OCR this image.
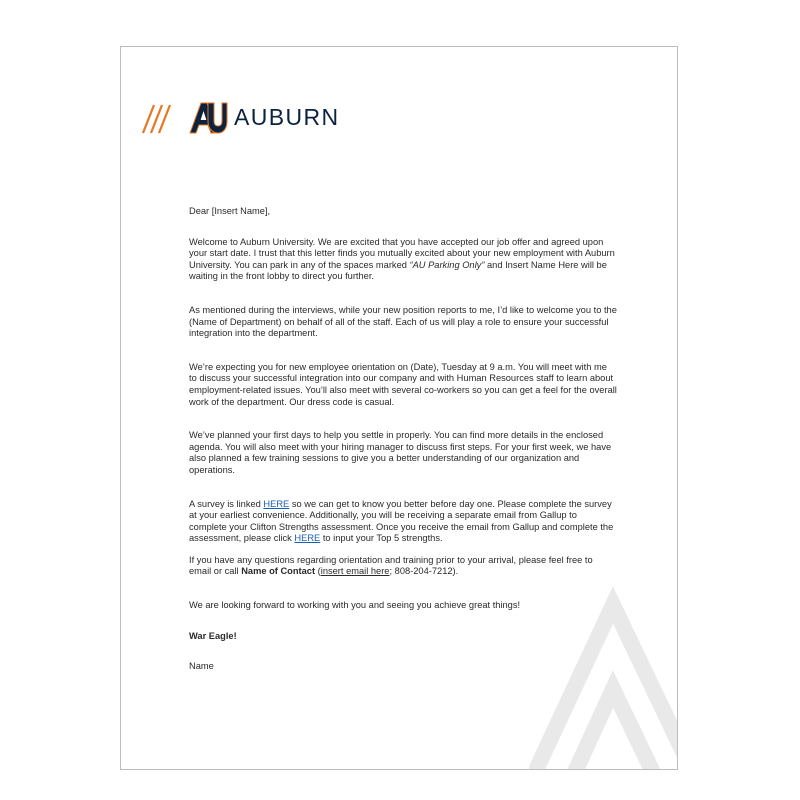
AUBURN

Dear [Insert Name],

Welcome to Auburn University. We are excited that you have accepted our job offer and agreed upon your start date. I trust that this letter finds you mutually excited about your new employment with Auburn University. You can park in any of the spaces marked “AU Parking Only” and Insert Name Here will be waiting in the front lobby to direct you further.

As mentioned during the interviews, while your new position reports to me, I’d like to welcome you to the (Name of Department) on behalf of all of the staff. Each of us will play a role to ensure your successful integration into the department.

We’re expecting you for new employee orientation on (Date), Tuesday at 9 a.m. You will meet with me to discuss your successful integration into our company and with Human Resources staff to learn about employment-related issues. You’ll also meet with several co-workers so you can get a feel for the overall work of the department. Our dress code is casual.

We’ve planned your first days to help you settle in properly. You can find more details in the enclosed agenda. You will also meet with your hiring manager to discuss first steps. For your first week, we have also planned a few training sessions to give you a better understanding of our organization and operations.

A survey is linked HERE so we can get to know you better before day one. Please complete the survey at your earliest convenience. Additionally, you will be receiving a separate email from Gallup to complete your Clifton Strengths assessment. Once you receive the email from Gallup and complete the assessment, please click HERE to input your Top 5 strengths.

If you have any questions regarding orientation and training prior to your arrival, please feel free to email or call Name of Contact (insert email here; 808-204-7212).

We are looking forward to working with you and seeing you achieve great things!

War Eagle!

Name
